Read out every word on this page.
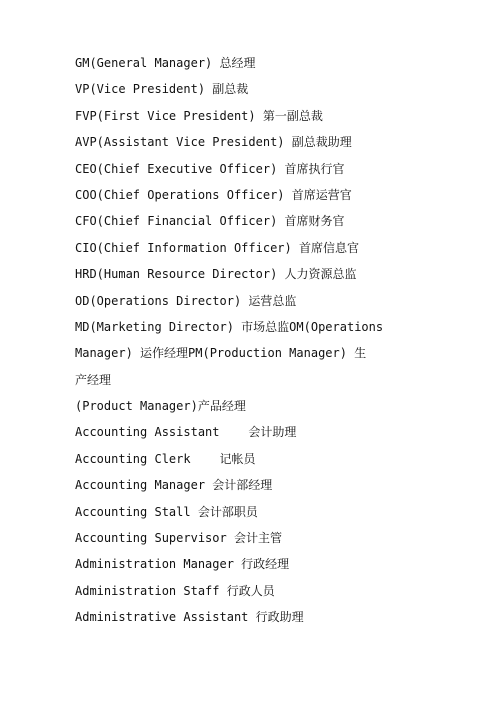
GM(General Manager) 总经理
VP(Vice President) 副总裁
FVP(First Vice President) 第一副总裁
AVP(Assistant Vice President) 副总裁助理
CEO(Chief Executive Officer) 首席执行官
COO(Chief Operations Officer) 首席运营官
CFO(Chief Financial Officer) 首席财务官
CIO(Chief Information Officer) 首席信息官
HRD(Human Resource Director) 人力资源总监
OD(Operations Director) 运营总监
MD(Marketing Director) 市场总监OM(Operations
Manager) 运作经理PM(Production Manager) 生
产经理
(Product Manager)产品经理
Accounting Assistant    会计助理
Accounting Clerk    记帐员
Accounting Manager 会计部经理
Accounting Stall 会计部职员
Accounting Supervisor 会计主管
Administration Manager 行政经理
Administration Staff 行政人员
Administrative Assistant 行政助理
